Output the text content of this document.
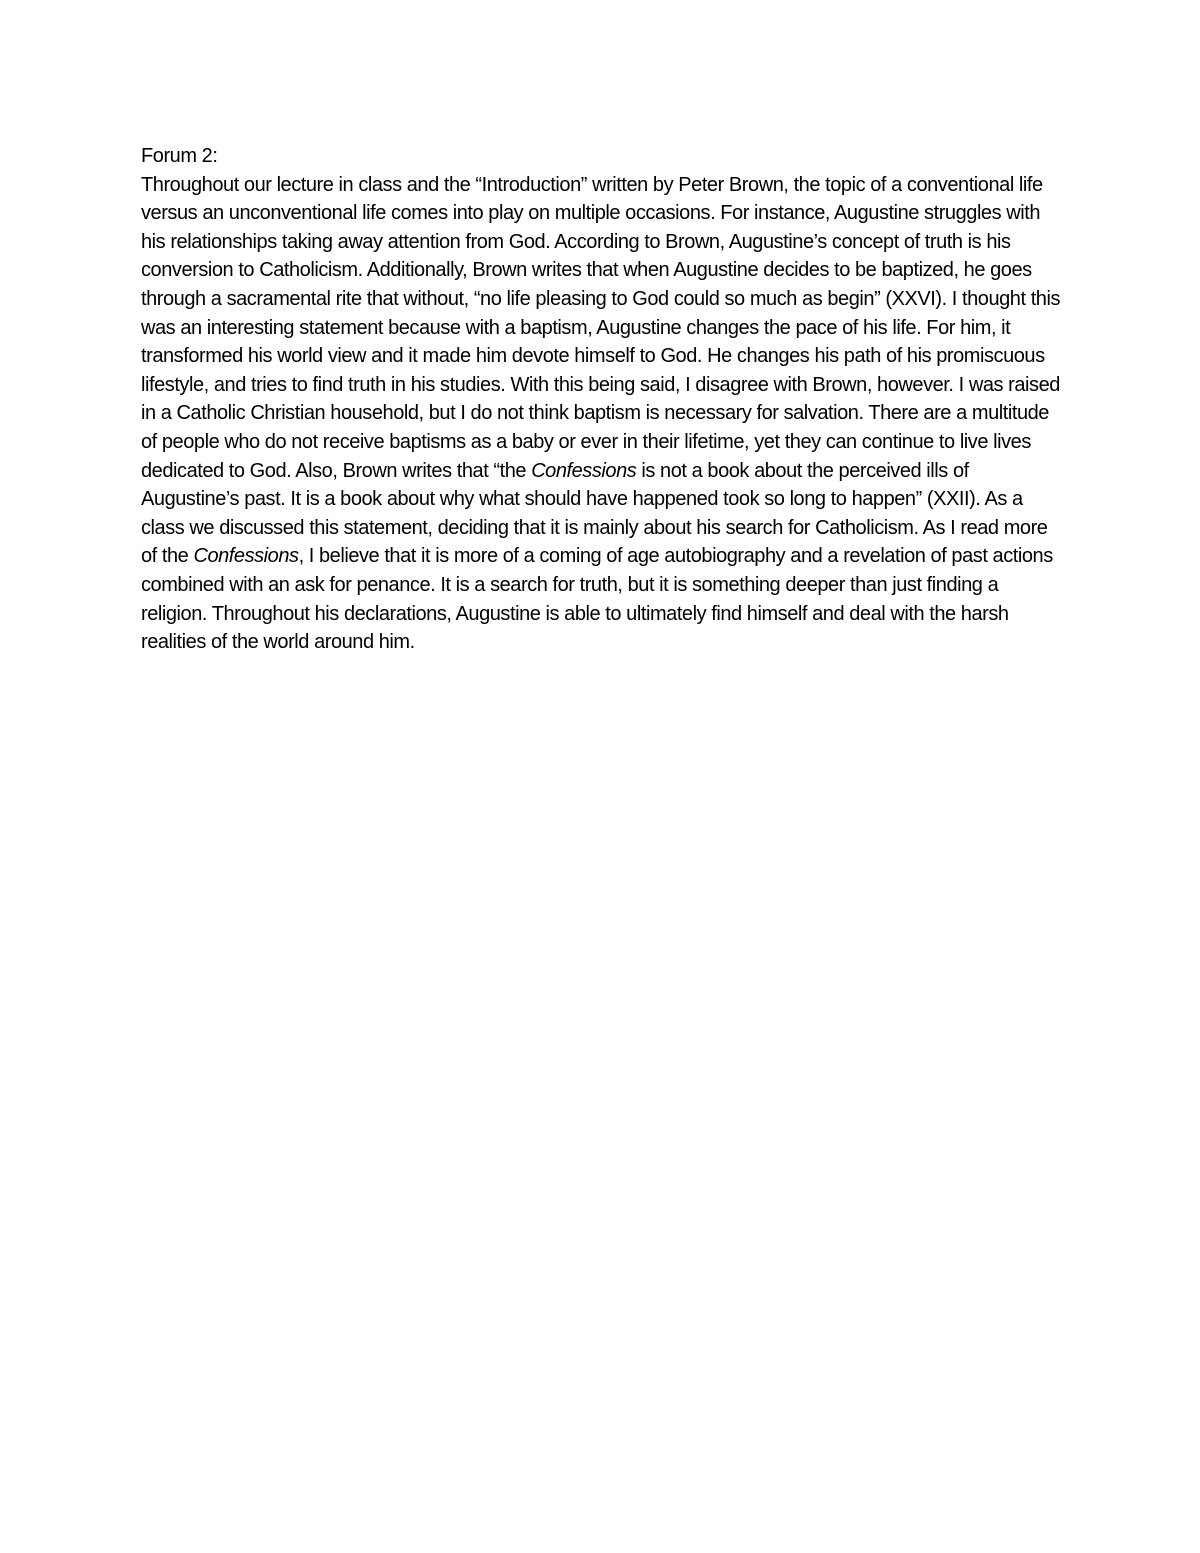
Forum 2:

Throughout our lecture in class and the “Introduction” written by Peter Brown, the topic of a conventional life versus an unconventional life comes into play on multiple occasions. For instance, Augustine struggles with his relationships taking away attention from God. According to Brown, Augustine’s concept of truth is his conversion to Catholicism. Additionally, Brown writes that when Augustine decides to be baptized, he goes through a sacramental rite that without, “no life pleasing to God could so much as begin” (XXVI). I thought this was an interesting statement because with a baptism, Augustine changes the pace of his life. For him, it transformed his world view and it made him devote himself to God. He changes his path of his promiscuous lifestyle, and tries to find truth in his studies. With this being said, I disagree with Brown, however. I was raised in a Catholic Christian household, but I do not think baptism is necessary for salvation. There are a multitude of people who do not receive baptisms as a baby or ever in their lifetime, yet they can continue to live lives dedicated to God. Also, Brown writes that “the Confessions is not a book about the perceived ills of Augustine’s past. It is a book about why what should have happened took so long to happen” (XXII). As a class we discussed this statement, deciding that it is mainly about his search for Catholicism. As I read more of the Confessions, I believe that it is more of a coming of age autobiography and a revelation of past actions combined with an ask for penance. It is a search for truth, but it is something deeper than just finding a religion. Throughout his declarations, Augustine is able to ultimately find himself and deal with the harsh realities of the world around him.
